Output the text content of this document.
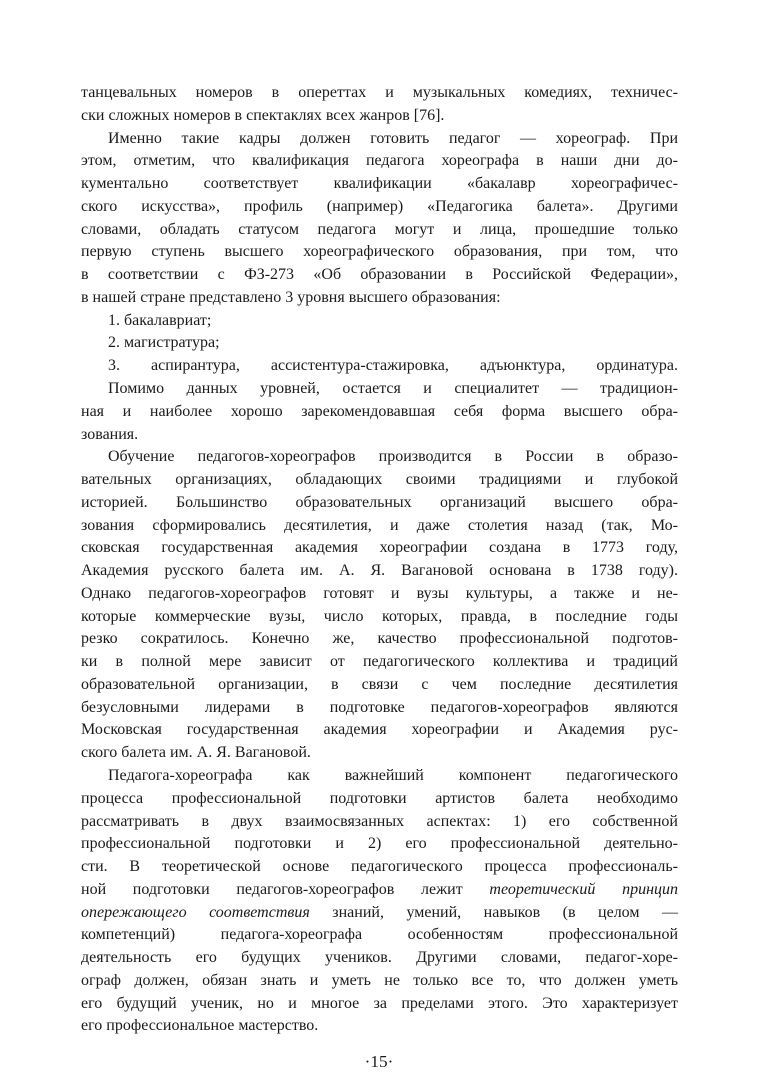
танцевальных номеров в опереттах и музыкальных комедиях, техничес-
ски сложных номеров в спектаклях всех жанров [76].
Именно такие кадры должен готовить педагог — хореограф. При
этом, отметим, что квалификация педагога хореографа в наши дни до-
кументально соответствует квалификации «бакалавр хореографичес-
ского искусства», профиль (например) «Педагогика балета». Другими
словами, обладать статусом педагога могут и лица, прошедшие только
первую ступень высшего хореографического образования, при том, что
в соответствии с ФЗ-273 «Об образовании в Российской Федерации»,
в нашей стране представлено 3 уровня высшего образования:
1. бакалавриат;
2. магистратура;
3. аспирантура, ассистентура-стажировка, адъюнктура, ординатура.
Помимо данных уровней, остается и специалитет — традицион-
ная и наиболее хорошо зарекомендовавшая себя форма высшего обра-
зования.
Обучение педагогов-хореографов производится в России в образо-
вательных организациях, обладающих своими традициями и глубокой
историей. Большинство образовательных организаций высшего обра-
зования сформировались десятилетия, и даже столетия назад (так, Мо-
сковская государственная академия хореографии создана в 1773 году,
Академия русского балета им. А. Я. Вагановой основана в 1738 году).
Однако педагогов-хореографов готовят и вузы культуры, а также и не-
которые коммерческие вузы, число которых, правда, в последние годы
резко сократилось. Конечно же, качество профессиональной подготов-
ки в полной мере зависит от педагогического коллектива и традиций
образовательной организации, в связи с чем последние десятилетия
безусловными лидерами в подготовке педагогов-хореографов являются
Московская государственная академия хореографии и Академия рус-
ского балета им. А. Я. Вагановой.
Педагога-хореографа как важнейший компонент педагогического
процесса профессиональной подготовки артистов балета необходимо
рассматривать в двух взаимосвязанных аспектах: 1) его собственной
профессиональной подготовки и 2) его профессиональной деятельно-
сти. В теоретической основе педагогического процесса профессиональ-
ной подготовки педагогов-хореографов лежит теоретический принцип
опережающего соответствия знаний, умений, навыков (в целом —
компетенций) педагога-хореографа особенностям профессиональной
·15·
деятельность его будущих учеников. Другими словами, педагог-хоре-
ограф должен, обязан знать и уметь не только все то, что должен уметь
его будущий ученик, но и многое за пределами этого. Это характеризует
его профессиональное мастерство.
